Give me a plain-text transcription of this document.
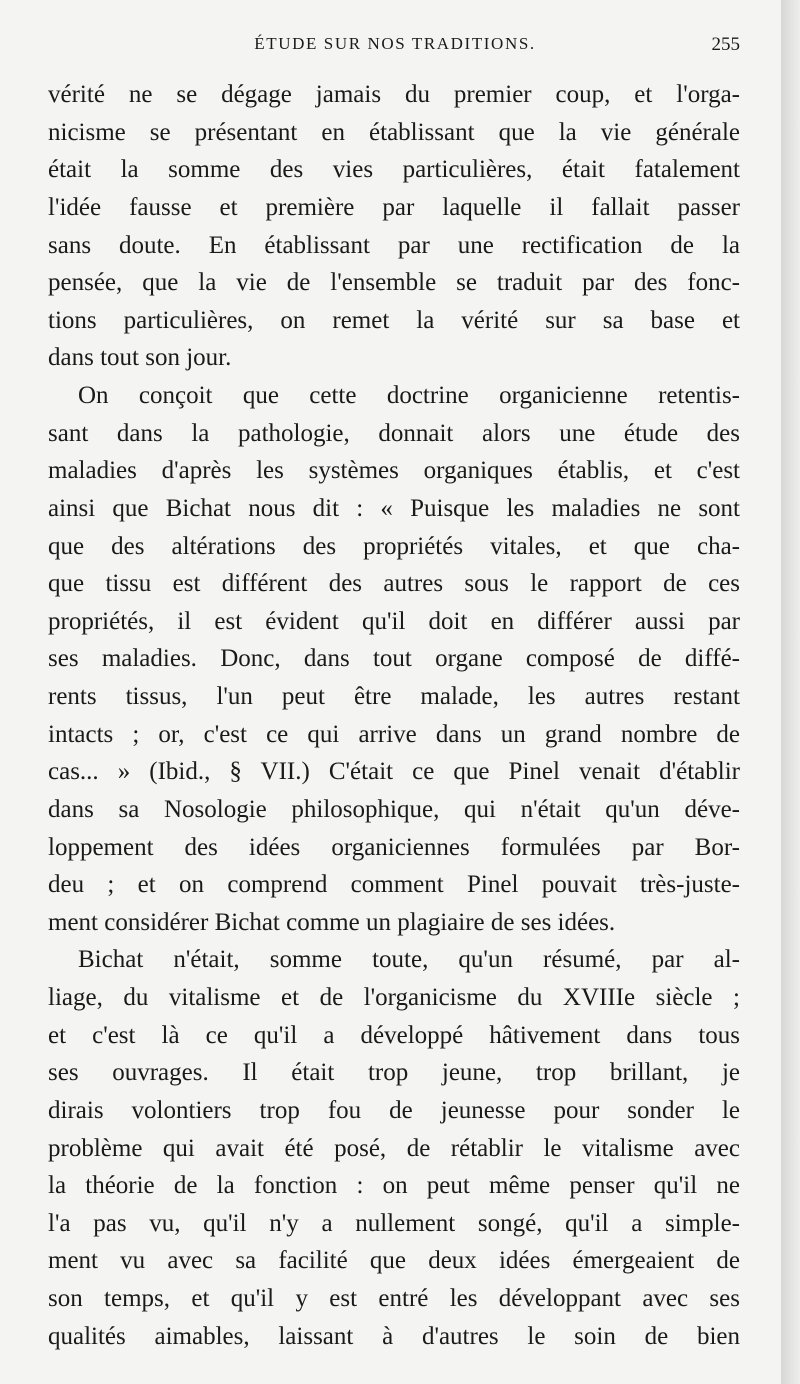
ÉTUDE SUR NOS TRADITIONS.	255
vérité ne se dégage jamais du premier coup, et l'orga-
nicisme se présentant en établissant que la vie générale
était la somme des vies particulières, était fatalement
l'idée fausse et première par laquelle il fallait passer
sans doute. En établissant par une rectification de la
pensée, que la vie de l'ensemble se traduit par des fonc-
tions particulières, on remet la vérité sur sa base et
dans tout son jour.
On conçoit que cette doctrine organicienne retentis-
sant dans la pathologie, donnait alors une étude des
maladies d'après les systèmes organiques établis, et c'est
ainsi que Bichat nous dit : « Puisque les maladies ne sont
que des altérations des propriétés vitales, et que cha-
que tissu est différent des autres sous le rapport de ces
propriétés, il est évident qu'il doit en différer aussi par
ses maladies. Donc, dans tout organe composé de diffé-
rents tissus, l'un peut être malade, les autres restant
intacts ; or, c'est ce qui arrive dans un grand nombre de
cas... » (Ibid., § VII.) C'était ce que Pinel venait d'établir
dans sa Nosologie philosophique, qui n'était qu'un déve-
loppement des idées organiciennes formulées par Bor-
deu ; et on comprend comment Pinel pouvait très-juste-
ment considérer Bichat comme un plagiaire de ses idées.
Bichat n'était, somme toute, qu'un résumé, par al-
liage, du vitalisme et de l'organicisme du XVIIIe siècle ;
et c'est là ce qu'il a développé hâtivement dans tous
ses ouvrages. Il était trop jeune, trop brillant, je
dirais volontiers trop fou de jeunesse pour sonder le
problème qui avait été posé, de rétablir le vitalisme avec
la théorie de la fonction : on peut même penser qu'il ne
l'a pas vu, qu'il n'y a nullement songé, qu'il a simple-
ment vu avec sa facilité que deux idées émergeaient de
son temps, et qu'il y est entré les développant avec ses
qualités aimables, laissant à d'autres le soin de bien
